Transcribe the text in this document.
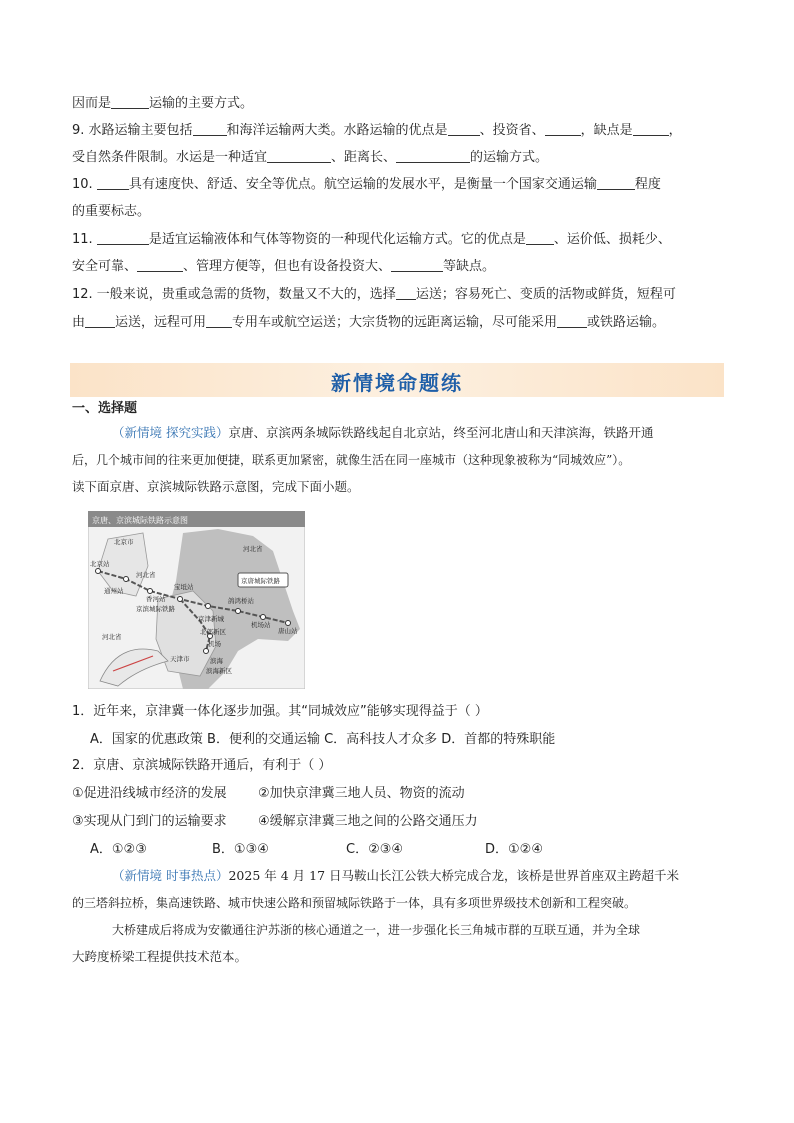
因而是	运输的主要方式。
9. 水路运输主要包括	和海洋运输两大类。水路运输的优点是 、投资省、	，缺点是	，
受自然条件限制。水运是一种适宜	、距离长、	的运输方式。
10.	具有速度快、舒适、安全等优点。航空运输的发展水平，是衡量一个国家交通运输	程度
的重要标志。
11.	是适宜运输液体和气体等物资的一种现代化运输方式。它的优点是 、运价低、损耗少、
安全可靠、	、管理方便等，但也有设备投资大、	等缺点。
12. 一般来说，贵重或急需的货物，数量又不大的，选择 运送；容易死亡、变质的活物或鲜货，短程可
由 运送，远程可用 专用车或航空运送；大宗货物的远距离运输，尽可能采用 或铁路运输。
新情境命题练
一、选择题
（新情境 探究实践）京唐、京滨两条城际铁路线起自北京站，终至河北唐山和天津滨海，铁路开通
后，几个城市间的往来更加便捷，联系更加紧密，就像生活在同一座城市（这种现象被称为“同城效应”）。
读下面京唐、京滨城际铁路示意图，完成下面小题。
京唐、京滨城际铁路示意图
京唐城际铁路
北京市
河北省
河北省
河北省
北京站
通州站
香河站
宝坻站
京滨城际铁路
京津新城
鸽鸿桥站
机场站
唐山站
北部新区
机场
天津市	滨海
滨海新区
1．近年来，京津冀一体化逐步加强。其“同城效应”能够实现得益于（ ）
A．国家的优惠政策 B．便利的交通运输 C．高科技人才众多 D．首都的特殊职能
2．京唐、京滨城际铁路开通后，有利于（ ）
①促进沿线城市经济的发展 ②加快京津冀三地人员、物资的流动
③实现从门到门的运输要求 ④缓解京津冀三地之间的公路交通压力
A．①②③	B．①③④	C．②③④	D．①②④
（新情境 时事热点）2025 年 4 月 17 日马鞍山长江公铁大桥完成合龙，该桥是世界首座双主跨超千米
的三塔斜拉桥，集高速铁路、城市快速公路和预留城际铁路于一体，具有多项世界级技术创新和工程突破。
大桥建成后将成为安徽通往沪苏浙的核心通道之一，进一步强化长三角城市群的互联互通，并为全球
大跨度桥梁工程提供技术范本。
